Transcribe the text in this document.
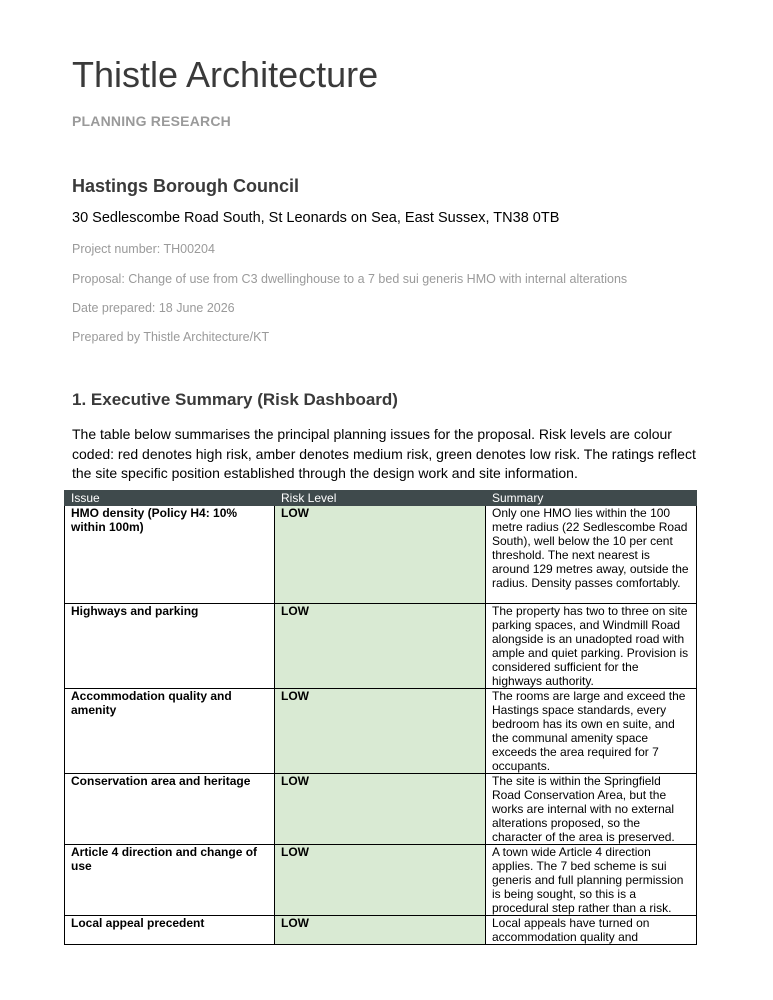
Thistle Architecture
PLANNING RESEARCH
Hastings Borough Council
30 Sedlescombe Road South, St Leonards on Sea, East Sussex, TN38 0TB
Project number: TH00204
Proposal: Change of use from C3 dwellinghouse to a 7 bed sui generis HMO with internal alterations
Date prepared: 18 June 2026
Prepared by Thistle Architecture/KT
1. Executive Summary (Risk Dashboard)
The table below summarises the principal planning issues for the proposal. Risk levels are colour coded: red denotes high risk, amber denotes medium risk, green denotes low risk. The ratings reflect the site specific position established through the design work and site information.
Issue	Risk Level	Summary
HMO density (Policy H4: 10% within 100m)	LOW	Only one HMO lies within the 100 metre radius (22 Sedlescombe Road South), well below the 10 per cent threshold. The next nearest is around 129 metres away, outside the radius. Density passes comfortably.
Highways and parking	LOW	The property has two to three on site parking spaces, and Windmill Road alongside is an unadopted road with ample and quiet parking. Provision is considered sufficient for the highways authority.
Accommodation quality and amenity	LOW	The rooms are large and exceed the Hastings space standards, every bedroom has its own en suite, and the communal amenity space exceeds the area required for 7 occupants.
Conservation area and heritage	LOW	The site is within the Springfield Road Conservation Area, but the works are internal with no external alterations proposed, so the character of the area is preserved.
Article 4 direction and change of use	LOW	A town wide Article 4 direction applies. The 7 bed scheme is sui generis and full planning permission is being sought, so this is a procedural step rather than a risk.
Local appeal precedent	LOW	Local appeals have turned on accommodation quality and
